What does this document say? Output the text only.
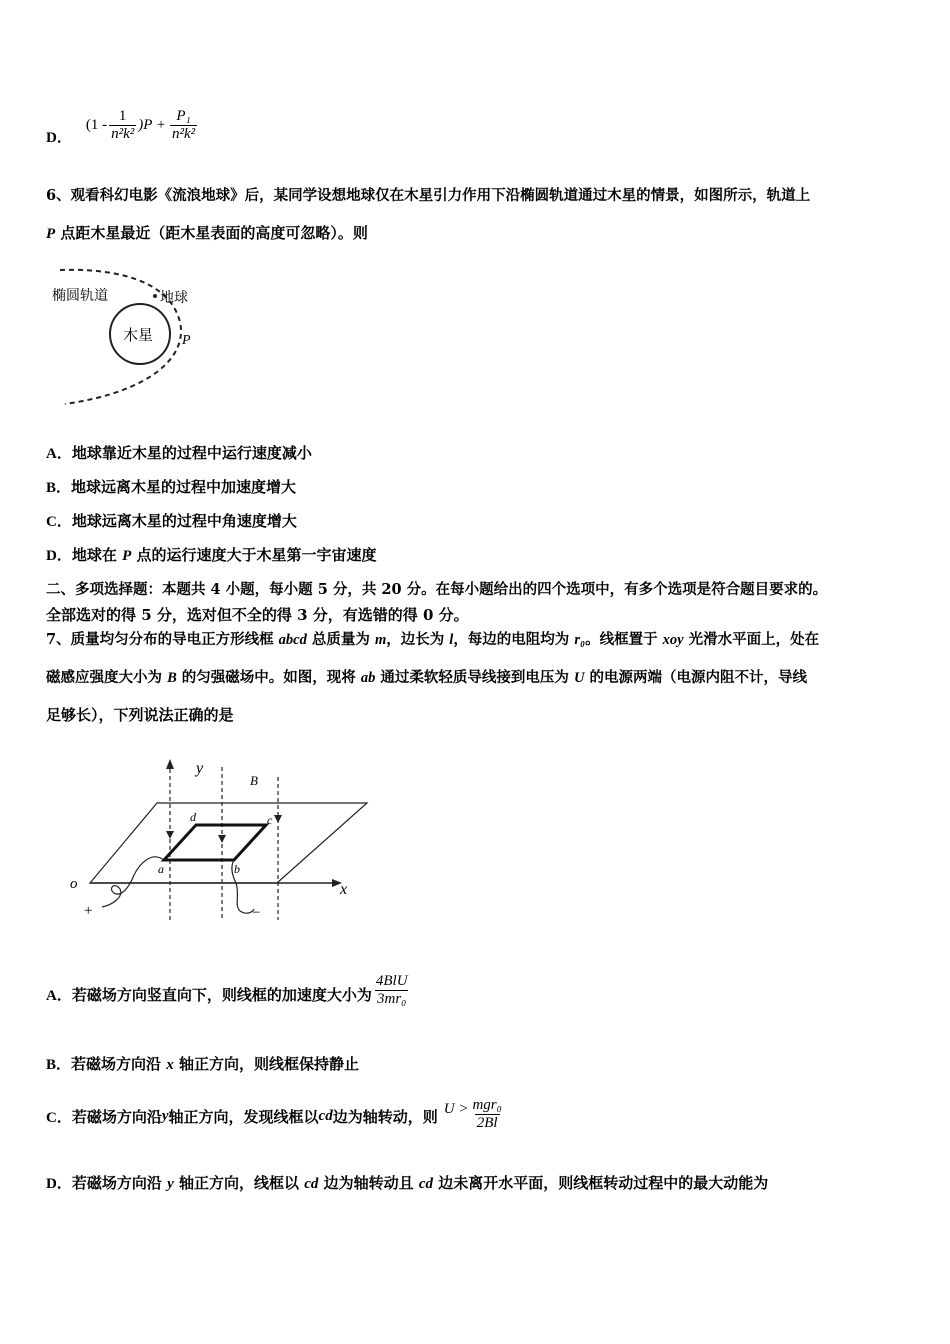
D．
$(1 - \frac{1}{\text{n²k²}} )P + \frac{\text{P₁}}{\text{n²k²}}$
6、观看科幻电影《流浪地球》后，某同学设想地球仅在木星引力作用下沿椭圆轨道通过木星的情景，如图所示，轨道上
P 点距木星最近（距木星表面的高度可忽略）。则
木星
椭圆轨道	地球
P
A．地球靠近木星的过程中运行速度减小
B．地球远离木星的过程中加速度增大
C．地球远离木星的过程中角速度增大
D．地球在 P 点的运行速度大于木星第一宇宙速度
二、多项选择题：本题共 4 小题，每小题 5 分，共 20 分。在每小题给出的四个选项中，有多个选项是符合题目要求的。
全部选对的得 5 分，选对但不全的得 3 分，有选错的得 0 分。
7、质量均匀分布的导电正方形线框 abcd 总质量为 m，边长为 l，每边的电阻均为 r₀。线框置于 xoy 光滑水平面上，处在
磁感应强度大小为 B 的匀强磁场中。如图，现将 ab 通过柔软轻质导线接到电压为 U 的电源两端（电源内阻不计，导线
足够长），下列说法正确的是
x
o
y
B
a	b
c
d
+	−
A． 若磁场方向竖直向下，则线框的加速度大小为 $\frac{\text{4BlU}}{\text{3mr₀}}$
B．若磁场方向沿 x 轴正方向，则线框保持静止
C． 若磁场方向沿 y 轴正方向，发现线框以 cd 边为轴转动，则 $U > \frac{\text{mgr₀}}{2Bl}$
D．若磁场方向沿 y 轴正方向，线框以 cd 边为轴转动且 cd 边未离开水平面，则线框转动过程中的最大动能为
